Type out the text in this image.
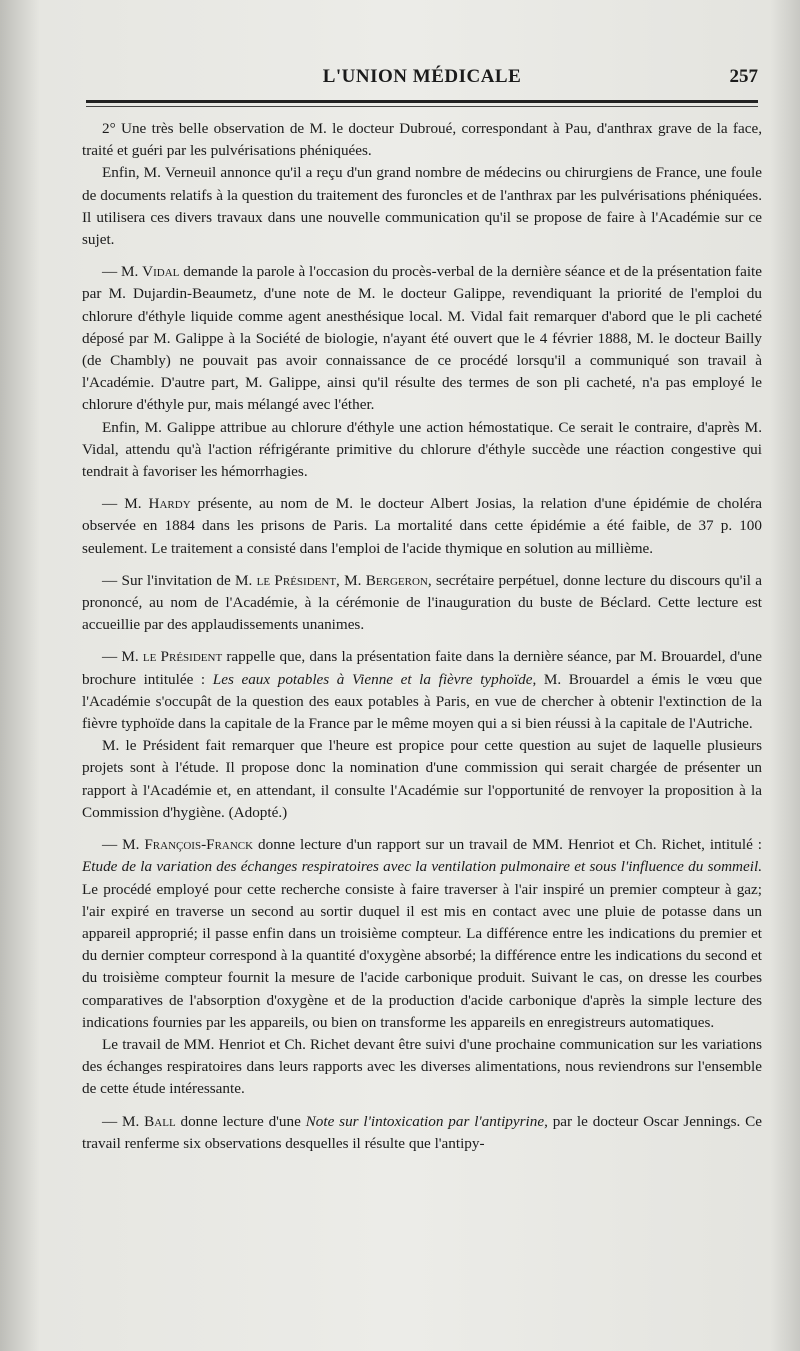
L'UNION MÉDICALE	257

2° Une très belle observation de M. le docteur Dubroué, correspondant à Pau, d'anthrax grave de la face, traité et guéri par les pulvérisations phéniquées.

Enfin, M. Verneuil annonce qu'il a reçu d'un grand nombre de médecins ou chirurgiens de France, une foule de documents relatifs à la question du traitement des furoncles et de l'anthrax par les pulvérisations phéniquées. Il utilisera ces divers travaux dans une nouvelle communication qu'il se propose de faire à l'Académie sur ce sujet.

— M. Vidal demande la parole à l'occasion du procès-verbal de la dernière séance et de la présentation faite par M. Dujardin-Beaumetz, d'une note de M. le docteur Galippe, revendiquant la priorité de l'emploi du chlorure d'éthyle liquide comme agent anesthésique local. M. Vidal fait remarquer d'abord que le pli cacheté déposé par M. Galippe à la Société de biologie, n'ayant été ouvert que le 4 février 1888, M. le docteur Bailly (de Chambly) ne pouvait pas avoir connaissance de ce procédé lorsqu'il a communiqué son travail à l'Académie. D'autre part, M. Galippe, ainsi qu'il résulte des termes de son pli cacheté, n'a pas employé le chlorure d'éthyle pur, mais mélangé avec l'éther.

Enfin, M. Galippe attribue au chlorure d'éthyle une action hémostatique. Ce serait le contraire, d'après M. Vidal, attendu qu'à l'action réfrigérante primitive du chlorure d'éthyle succède une réaction congestive qui tendrait à favoriser les hémorrhagies.

— M. Hardy présente, au nom de M. le docteur Albert Josias, la relation d'une épidémie de choléra observée en 1884 dans les prisons de Paris. La mortalité dans cette épidémie a été faible, de 37 p. 100 seulement. Le traitement a consisté dans l'emploi de l'acide thymique en solution au millième.

— Sur l'invitation de M. le Président, M. Bergeron, secrétaire perpétuel, donne lecture du discours qu'il a prononcé, au nom de l'Académie, à la cérémonie de l'inauguration du buste de Béclard. Cette lecture est accueillie par des applaudissements unanimes.

— M. le Président rappelle que, dans la présentation faite dans la dernière séance, par M. Brouardel, d'une brochure intitulée : Les eaux potables à Vienne et la fièvre typhoïde, M. Brouardel a émis le vœu que l'Académie s'occupât de la question des eaux potables à Paris, en vue de chercher à obtenir l'extinction de la fièvre typhoïde dans la capitale de la France par le même moyen qui a si bien réussi à la capitale de l'Autriche.

M. le Président fait remarquer que l'heure est propice pour cette question au sujet de laquelle plusieurs projets sont à l'étude. Il propose donc la nomination d'une commission qui serait chargée de présenter un rapport à l'Académie et, en attendant, il consulte l'Académie sur l'opportunité de renvoyer la proposition à la Commission d'hygiène. (Adopté.)

— M. François-Franck donne lecture d'un rapport sur un travail de MM. Henriot et Ch. Richet, intitulé : Etude de la variation des échanges respiratoires avec la ventilation pulmonaire et sous l'influence du sommeil. Le procédé employé pour cette recherche consiste à faire traverser à l'air inspiré un premier compteur à gaz; l'air expiré en traverse un second au sortir duquel il est mis en contact avec une pluie de potasse dans un appareil approprié; il passe enfin dans un troisième compteur. La différence entre les indications du premier et du dernier compteur correspond à la quantité d'oxygène absorbé; la différence entre les indications du second et du troisième compteur fournit la mesure de l'acide carbonique produit. Suivant le cas, on dresse les courbes comparatives de l'absorption d'oxygène et de la production d'acide carbonique d'après la simple lecture des indications fournies par les appareils, ou bien on transforme les appareils en enregistreurs automatiques.

Le travail de MM. Henriot et Ch. Richet devant être suivi d'une prochaine communication sur les variations des échanges respiratoires dans leurs rapports avec les diverses alimentations, nous reviendrons sur l'ensemble de cette étude intéressante.

— M. Ball donne lecture d'une Note sur l'intoxication par l'antipyrine, par le docteur Oscar Jennings. Ce travail renferme six observations desquelles il résulte que l'antipy-
